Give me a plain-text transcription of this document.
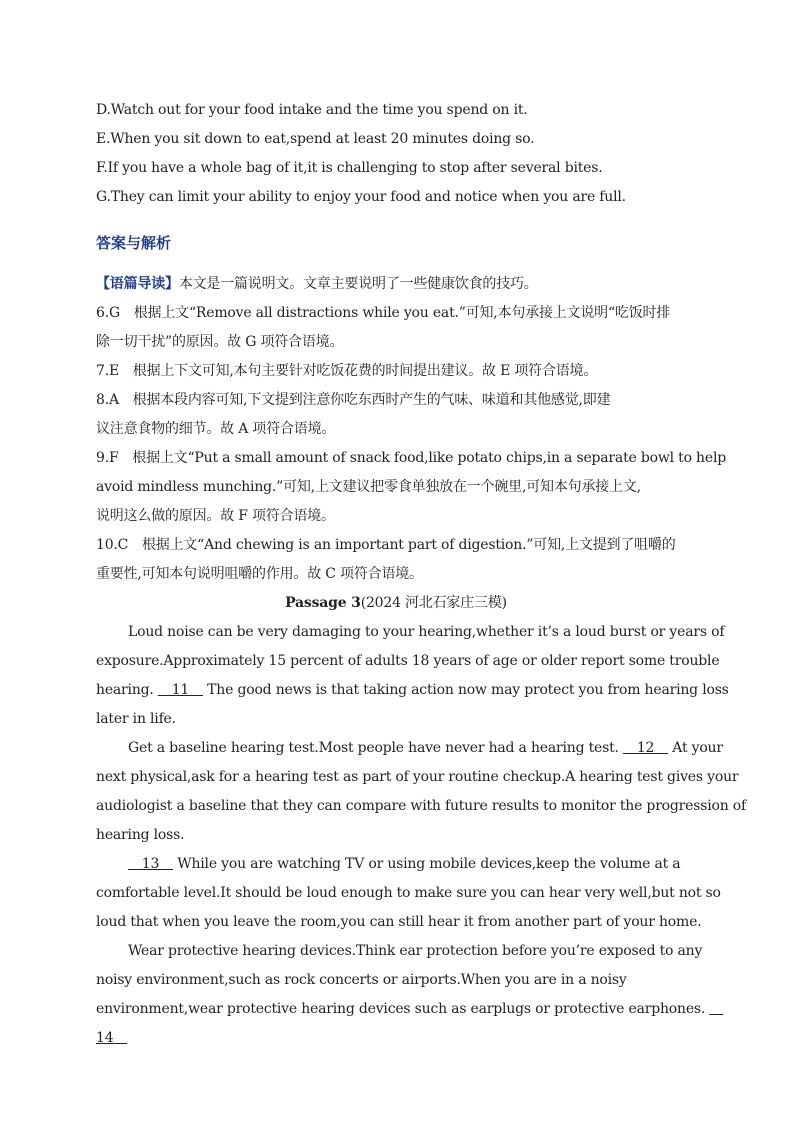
D.Watch out for your food intake and the time you spend on it.

E.When you sit down to eat,spend at least 20 minutes doing so.

F.If you have a whole bag of it,it is challenging to stop after several bites.

G.They can limit your ability to enjoy your food and notice when you are full.

答案与解析

【语篇导读】本文是一篇说明文。文章主要说明了一些健康饮食的技巧。

6.G　根据上文“Remove all distractions while you eat.”可知,本句承接上文说明“吃饭时排

除一切干扰”的原因。故 G 项符合语境。

7.E　根据上下文可知,本句主要针对吃饭花费的时间提出建议。故 E 项符合语境。

8.A　根据本段内容可知,下文提到注意你吃东西时产生的气味、味道和其他感觉,即建

议注意食物的细节。故 A 项符合语境。

9.F　根据上文“Put a small amount of snack food,like potato chips,in a separate bowl to help

avoid mindless munching.”可知,上文建议把零食单独放在一个碗里,可知本句承接上文,

说明这么做的原因。故 F 项符合语境。

10.C　根据上文“And chewing is an important part of digestion.”可知,上文提到了咀嚼的

重要性,可知本句说明咀嚼的作用。故 C 项符合语境。

Passage 3(2024 河北石家庄三模)

Loud noise can be very damaging to your hearing,whether it’s a loud burst or years of

exposure.Approximately 15 percent of adults 18 years of age or older report some trouble

hearing. 　11　 The good news is that taking action now may protect you from hearing loss

later in life.

Get a baseline hearing test.Most people have never had a hearing test. 　12　 At your

next physical,ask for a hearing test as part of your routine checkup.A hearing test gives your

audiologist a baseline that they can compare with future results to monitor the progression of

hearing loss.

　13　 While you are watching TV or using mobile devices,keep the volume at a

comfortable level.It should be loud enough to make sure you can hear very well,but not so

loud that when you leave the room,you can still hear it from another part of your home.

Wear protective hearing devices.Think ear protection before you’re exposed to any

noisy environment,such as rock concerts or airports.When you are in a noisy

environment,wear protective hearing devices such as earplugs or protective earphones. 　

14　
